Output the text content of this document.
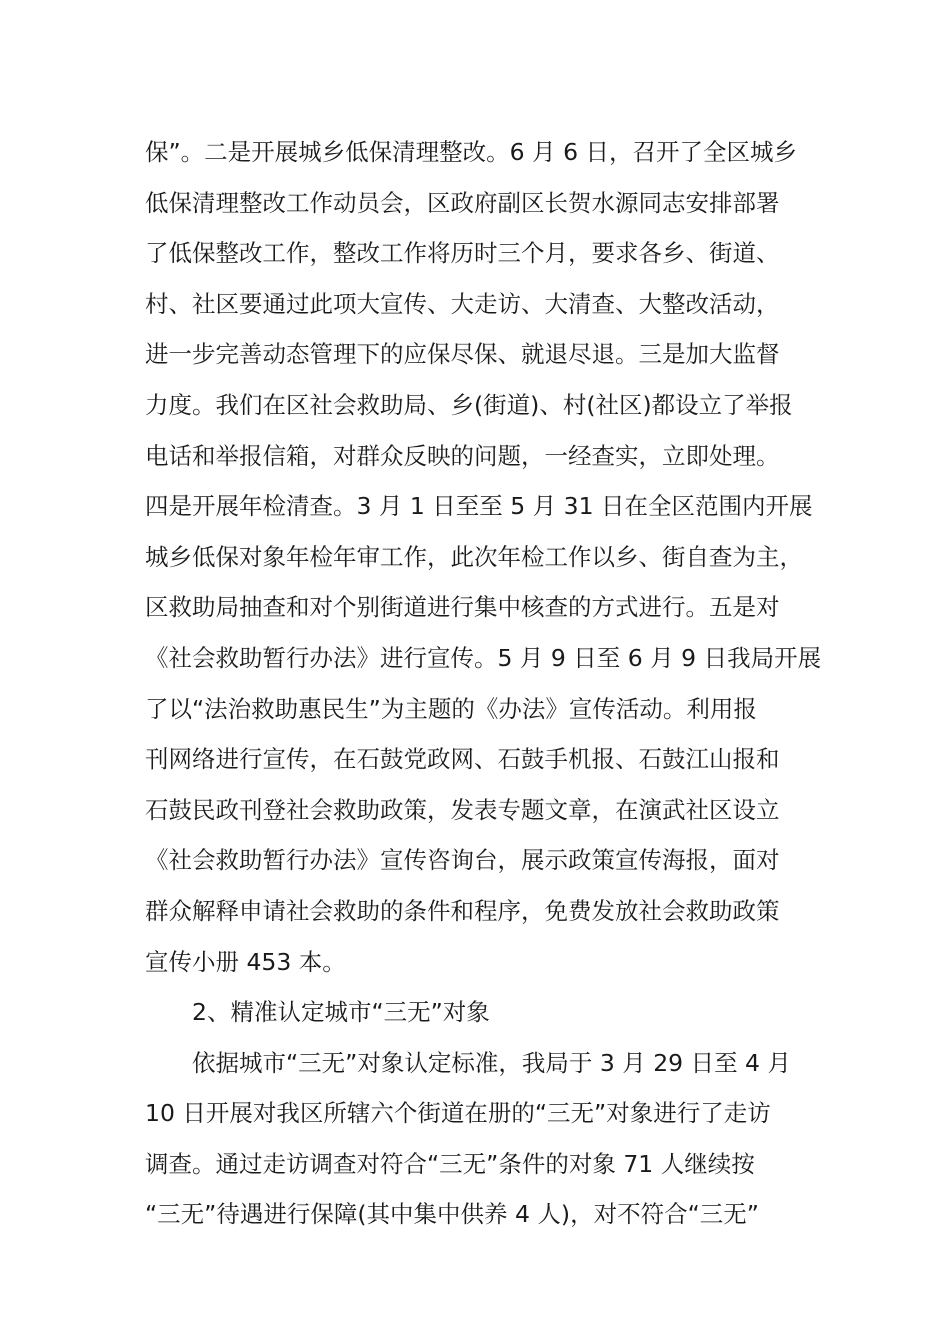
保”。二是开展城乡低保清理整改。6 月 6 日，召开了全区城乡

低保清理整改工作动员会，区政府副区长贺水源同志安排部署

了低保整改工作，整改工作将历时三个月，要求各乡、街道、

村、社区要通过此项大宣传、大走访、大清查、大整改活动，

进一步完善动态管理下的应保尽保、就退尽退。三是加大监督

力度。我们在区社会救助局、乡(街道)、村(社区)都设立了举报

电话和举报信箱，对群众反映的问题，一经查实，立即处理。

四是开展年检清查。3 月 1 日至至 5 月 31 日在全区范围内开展

城乡低保对象年检年审工作，此次年检工作以乡、街自查为主，

区救助局抽查和对个别街道进行集中核查的方式进行。五是对

《社会救助暂行办法》进行宣传。5 月 9 日至 6 月 9 日我局开展

了以“法治救助惠民生”为主题的《办法》宣传活动。利用报

刊网络进行宣传，在石鼓党政网、石鼓手机报、石鼓江山报和

石鼓民政刊登社会救助政策，发表专题文章，在演武社区设立

《社会救助暂行办法》宣传咨询台，展示政策宣传海报，面对

群众解释申请社会救助的条件和程序，免费发放社会救助政策

宣传小册 453 本。

2、精准认定城市“三无”对象

依据城市“三无”对象认定标准，我局于 3 月 29 日至 4 月

10 日开展对我区所辖六个街道在册的“三无”对象进行了走访

调查。通过走访调查对符合“三无”条件的对象 71 人继续按

“三无”待遇进行保障(其中集中供养 4 人)，对不符合“三无”
